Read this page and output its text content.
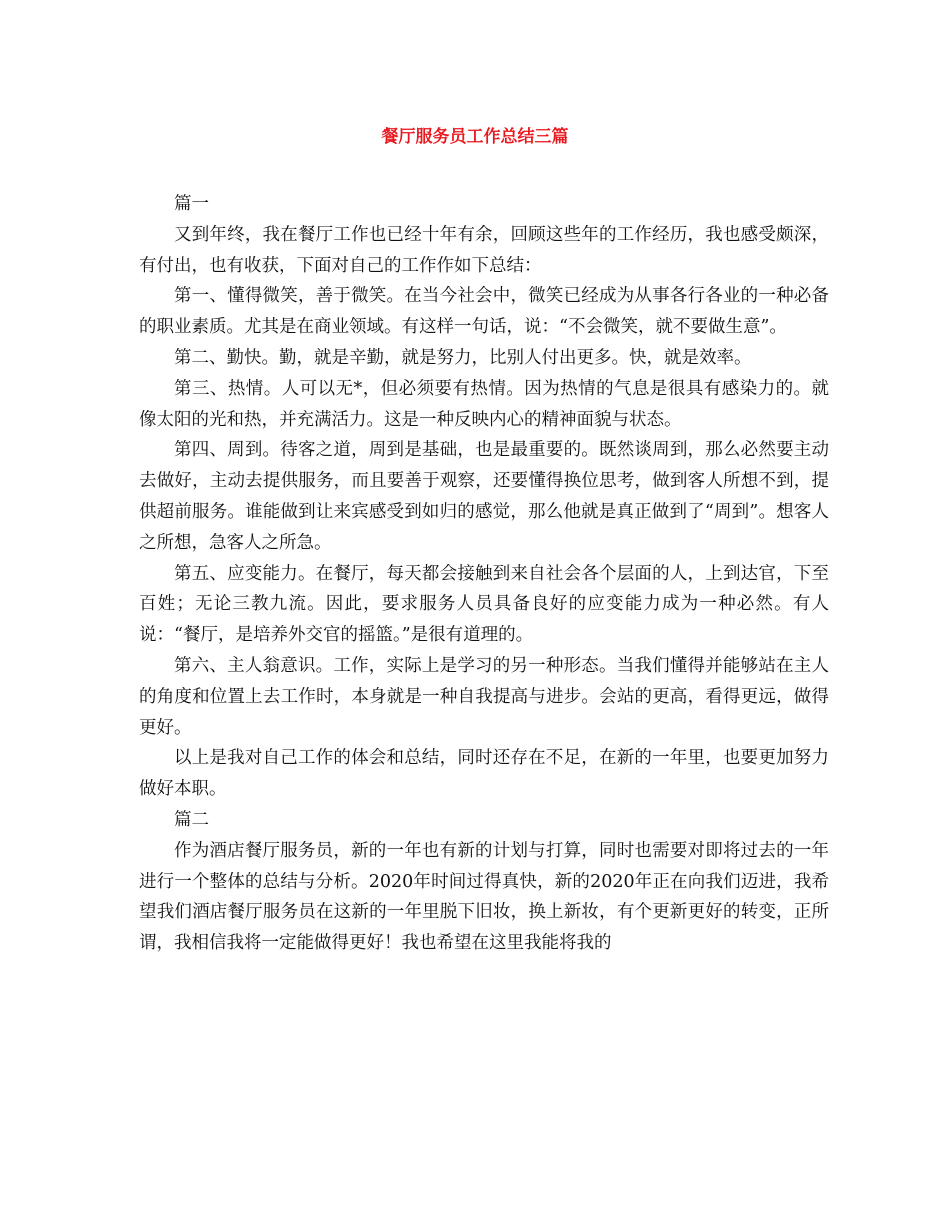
餐厅服务员工作总结三篇

篇一

又到年终，我在餐厅工作也已经十年有余，回顾这些年的工作经历，我也感受颇深，有付出，也有收获，下面对自己的工作作如下总结：

第一、懂得微笑，善于微笑。在当今社会中，微笑已经成为从事各行各业的一种必备的职业素质。尤其是在商业领域。有这样一句话，说：“不会微笑，就不要做生意”。

第二、勤快。勤，就是辛勤，就是努力，比别人付出更多。快，就是效率。

第三、热情。人可以无*，但必须要有热情。因为热情的气息是很具有感染力的。就像太阳的光和热，并充满活力。这是一种反映内心的精神面貌与状态。

第四、周到。待客之道，周到是基础，也是最重要的。既然谈周到，那么必然要主动去做好，主动去提供服务，而且要善于观察，还要懂得换位思考，做到客人所想不到，提供超前服务。谁能做到让来宾感受到如归的感觉，那么他就是真正做到了“周到”。想客人之所想，急客人之所急。

第五、应变能力。在餐厅，每天都会接触到来自社会各个层面的人，上到达官，下至百姓；无论三教九流。因此，要求服务人员具备良好的应变能力成为一种必然。有人说：“餐厅，是培养外交官的摇篮。”是很有道理的。

第六、主人翁意识。工作，实际上是学习的另一种形态。当我们懂得并能够站在主人的角度和位置上去工作时，本身就是一种自我提高与进步。会站的更高，看得更远，做得更好。

以上是我对自己工作的体会和总结，同时还存在不足，在新的一年里，也要更加努力做好本职。

篇二

作为酒店餐厅服务员，新的一年也有新的计划与打算，同时也需要对即将过去的一年进行一个整体的总结与分析。2020年时间过得真快，新的2020年正在向我们迈进，我希望我们酒店餐厅服务员在这新的一年里脱下旧妆，换上新妆，有个更新更好的转变，正所谓，我相信我将一定能做得更好！我也希望在这里我能将我的
